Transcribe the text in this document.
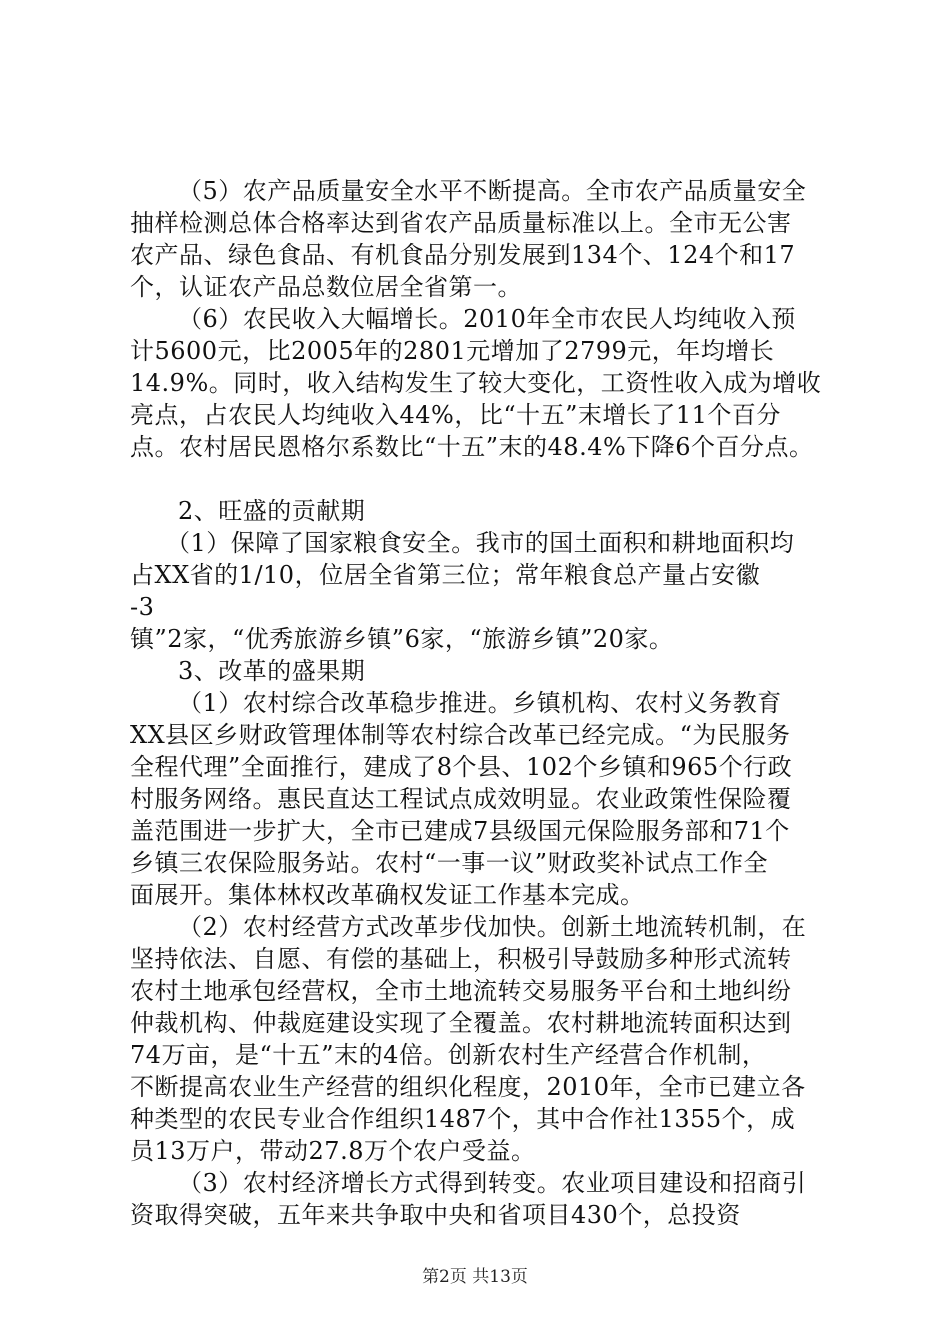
（5）农产品质量安全水平不断提高。全市农产品质量安全
抽样检测总体合格率达到省农产品质量标准以上。全市无公害
农产品、绿色食品、有机食品分别发展到134个、124个和17
个，认证农产品总数位居全省第一。
（6）农民收入大幅增长。2010年全市农民人均纯收入预
计5600元，比2005年的2801元增加了2799元，年均增长
14.9%。同时，收入结构发生了较大变化，工资性收入成为增收
亮点，占农民人均纯收入44%，比“十五”末增长了11个百分
点。农村居民恩格尔系数比“十五”末的48.4%下降6个百分点。
2、旺盛的贡献期
（1）保障了国家粮食安全。我市的国土面积和耕地面积均
占XX省的1/10，位居全省第三位；常年粮食总产量占安徽
-3
镇”2家，“优秀旅游乡镇”6家，“旅游乡镇”20家。
3、改革的盛果期
（1）农村综合改革稳步推进。乡镇机构、农村义务教育
XX县区乡财政管理体制等农村综合改革已经完成。“为民服务
全程代理”全面推行，建成了8个县、102个乡镇和965个行政
村服务网络。惠民直达工程试点成效明显。农业政策性保险覆
盖范围进一步扩大，全市已建成7县级国元保险服务部和71个
乡镇三农保险服务站。农村“一事一议”财政奖补试点工作全
面展开。集体林权改革确权发证工作基本完成。
（2）农村经营方式改革步伐加快。创新土地流转机制，在
坚持依法、自愿、有偿的基础上，积极引导鼓励多种形式流转
农村土地承包经营权，全市土地流转交易服务平台和土地纠纷
仲裁机构、仲裁庭建设实现了全覆盖。农村耕地流转面积达到
74万亩，是“十五”末的4倍。创新农村生产经营合作机制，
不断提高农业生产经营的组织化程度，2010年，全市已建立各
种类型的农民专业合作组织1487个，其中合作社1355个，成
员13万户，带动27.8万个农户受益。
（3）农村经济增长方式得到转变。农业项目建设和招商引
资取得突破，五年来共争取中央和省项目430个，总投资
第2页 共13页
